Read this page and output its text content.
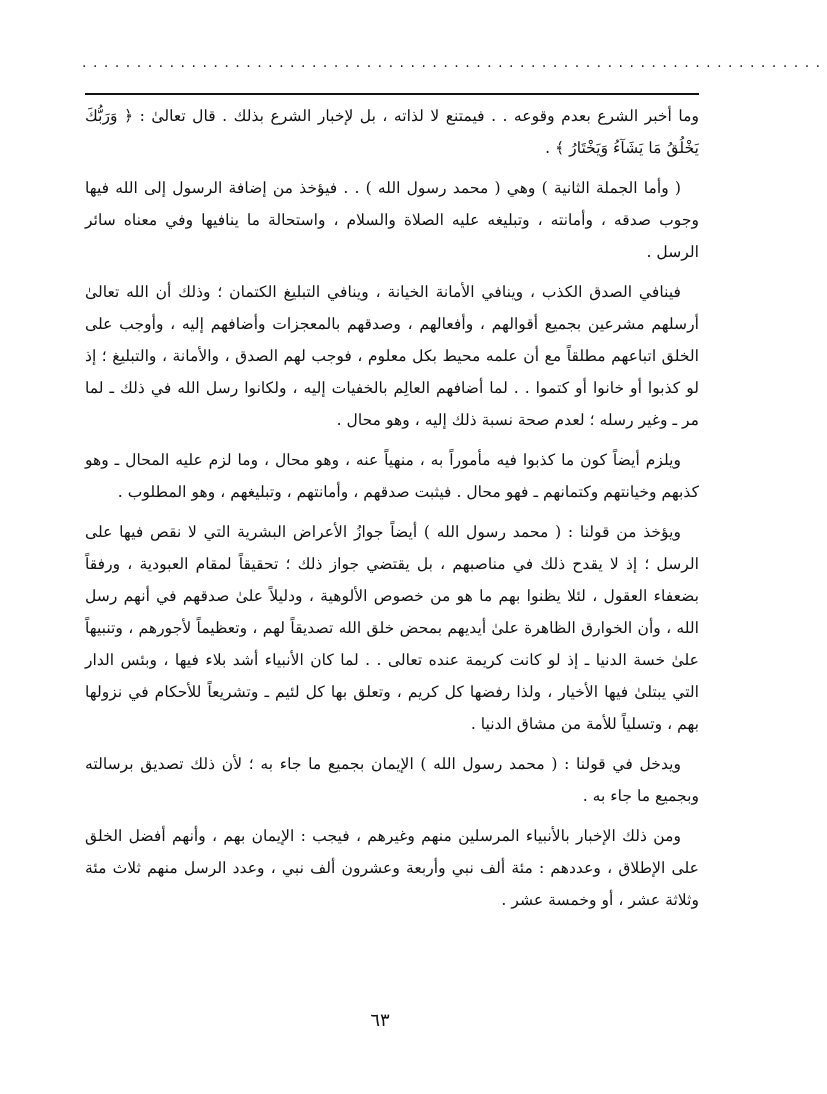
....................................................................

وما أخبر الشرع بعدم وقوعه . . فيمتنع لا لذاته ، بل لإخبار الشرع بذلك . قال تعالىٰ : ﴿ وَرَبُّكَ يَخْلُقُ مَا يَشَآءُ وَيَخْتَارُ ﴾ .

( وأما الجملة الثانية ) وهي ( محمد رسول الله ) . . فيؤخذ من إضافة الرسول إلى الله فيها وجوب صدقه ، وأمانته ، وتبليغه عليه الصلاة والسلام ، واستحالة ما ينافيها وفي معناه سائر الرسل .

فينافي الصدق الكذب ، وينافي الأمانة الخيانة ، وينافي التبليغ الكتمان ؛ وذلك أن الله تعالىٰ أرسلهم مشرعين بجميع أقوالهم ، وأفعالهم ، وصدقهم بالمعجزات وأضافهم إليه ، وأوجب على الخلق اتباعهم مطلقاً مع أن علمه محيط بكل معلوم ، فوجب لهم الصدق ، والأمانة ، والتبليغ ؛ إذ لو كذبوا أو خانوا أو كتموا . . لما أضافهم العالِم بالخفيات إليه ، ولكانوا رسل الله في ذلك ـ لما مر ـ وغير رسله ؛ لعدم صحة نسبة ذلك إليه ، وهو محال .

ويلزم أيضاً كون ما كذبوا فيه مأموراً به ، منهياً عنه ، وهو محال ، وما لزم عليه المحال ـ وهو كذبهم وخيانتهم وكتمانهم ـ فهو محال . فيثبت صدقهم ، وأمانتهم ، وتبليغهم ، وهو المطلوب .

ويؤخذ من قولنا : ( محمد رسول الله ) أيضاً جوازُ الأعراض البشرية التي لا نقص فيها على الرسل ؛ إذ لا يقدح ذلك في مناصبهم ، بل يقتضي جواز ذلك ؛ تحقيقاً لمقام العبودية ، ورفقاً بضعفاء العقول ، لئلا يظنوا بهم ما هو من خصوص الألوهية ، ودليلاً علىٰ صدقهم في أنهم رسل الله ، وأن الخوارق الظاهرة علىٰ أيديهم بمحض خلق الله تصديقاً لهم ، وتعظيماً لأجورهم ، وتنبيهاً علىٰ خسة الدنيا ـ إذ لو كانت كريمة عنده تعالى . . لما كان الأنبياء أشد بلاء فيها ، وبئس الدار التي يبتلىٰ فيها الأخيار ، ولذا رفضها كل كريم ، وتعلق بها كل لئيم ـ وتشريعاً للأحكام في نزولها بهم ، وتسلياً للأمة من مشاق الدنيا .

ويدخل في قولنا : ( محمد رسول الله ) الإيمان بجميع ما جاء به ؛ لأن ذلك تصديق برسالته وبجميع ما جاء به .

ومن ذلك الإخبار بالأنبياء المرسلين منهم وغيرهم ، فيجب : الإيمان بهم ، وأنهم أفضل الخلق على الإطلاق ، وعددهم : مئة ألف نبي وأربعة وعشرون ألف نبي ، وعدد الرسل منهم ثلاث مئة وثلاثة عشر ، أو وخمسة عشر .

٦٣
